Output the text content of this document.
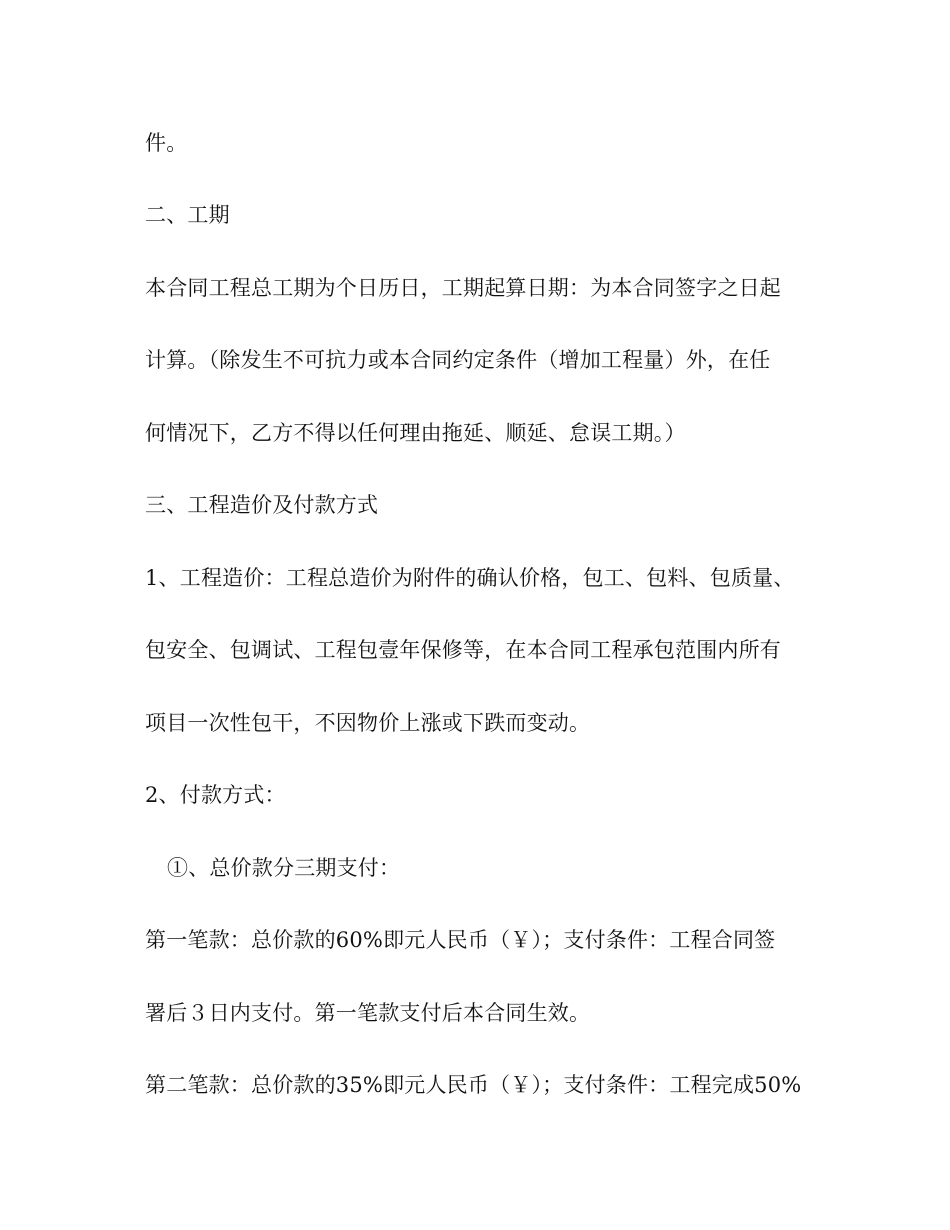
件。
二、工期
本合同工程总工期为个日历日，工期起算日期：为本合同签字之日起
计算。（除发生不可抗力或本合同约定条件（增加工程量）外，在任
何情况下，乙方不得以任何理由拖延、顺延、怠误工期。）
三、工程造价及付款方式
1、工程造价：工程总造价为附件的确认价格，包工、包料、包质量、
包安全、包调试、工程包壹年保修等，在本合同工程承包范围内所有
项目一次性包干，不因物价上涨或下跌而变动。
2、付款方式：
①、总价款分三期支付：
第一笔款：总价款的60%即元人民币（￥）；支付条件：工程合同签
署后３日内支付。第一笔款支付后本合同生效。
第二笔款：总价款的35%即元人民币（￥）；支付条件：工程完成50%
